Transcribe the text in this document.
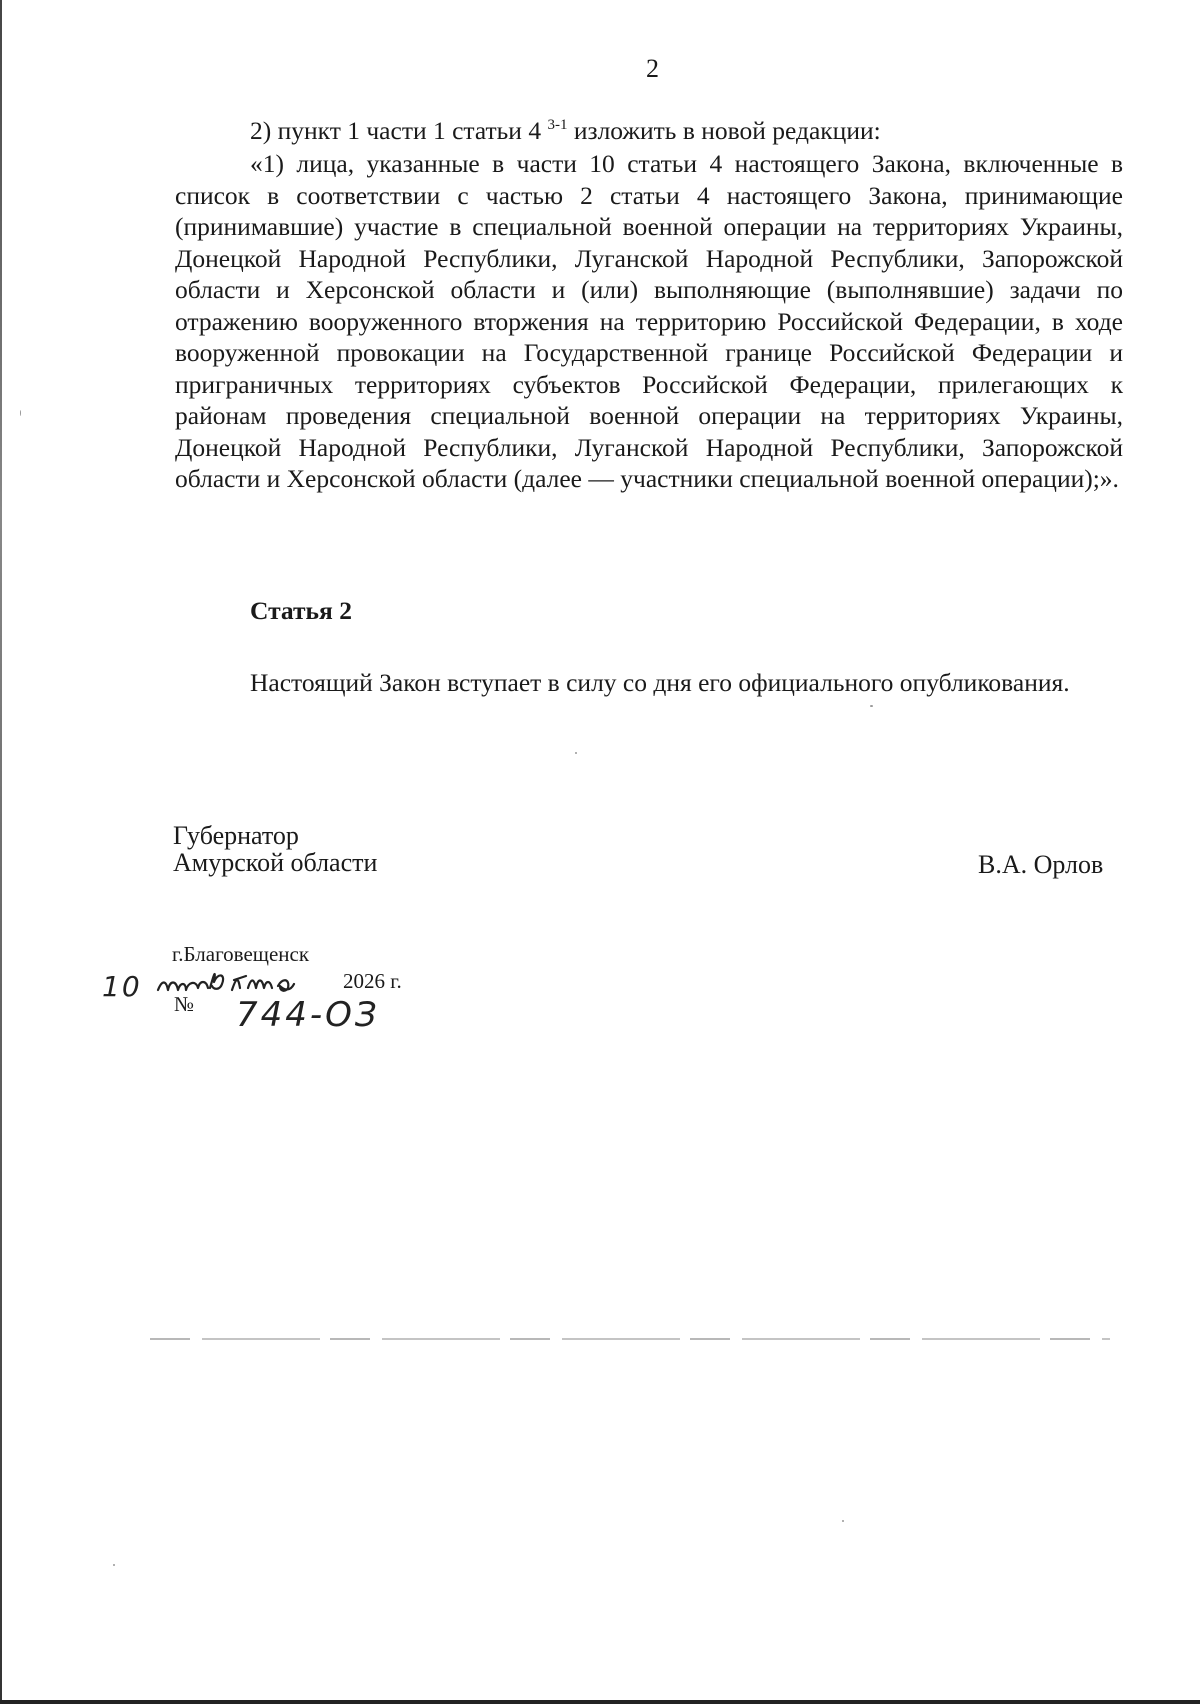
2
2) пункт 1 части 1 статьи 4 $^{3-1}$ изложить в новой редакции:
«1) лица, указанные в части 10 статьи 4 настоящего Закона, включенные в список в соответствии с частью 2 статьи 4 настоящего Закона, принимающие (принимавшие) участие в специальной военной операции на территориях Украины, Донецкой Народной Республики, Луганской Народной Республики, Запорожской области и Херсонской области и (или) выполняющие (выполнявшие) задачи по отражению вооруженного вторжения на территорию Российской Федерации, в ходе вооруженной провокации на Государственной границе Российской Федерации и приграничных территориях субъектов Российской Федерации, прилегающих к районам проведения специальной военной операции на территориях Украины, Донецкой Народной Республики, Луганской Народной Республики, Запорожской области и Херсонской области (далее — участники специальной военной операции);».
Статья 2
Настоящий Закон вступает в силу со дня его официального опубликования.
Губернатор
Амурской области	В.А. Орлов
г.Благовещенск
10	2026 г.
№ 744-ОЗ
